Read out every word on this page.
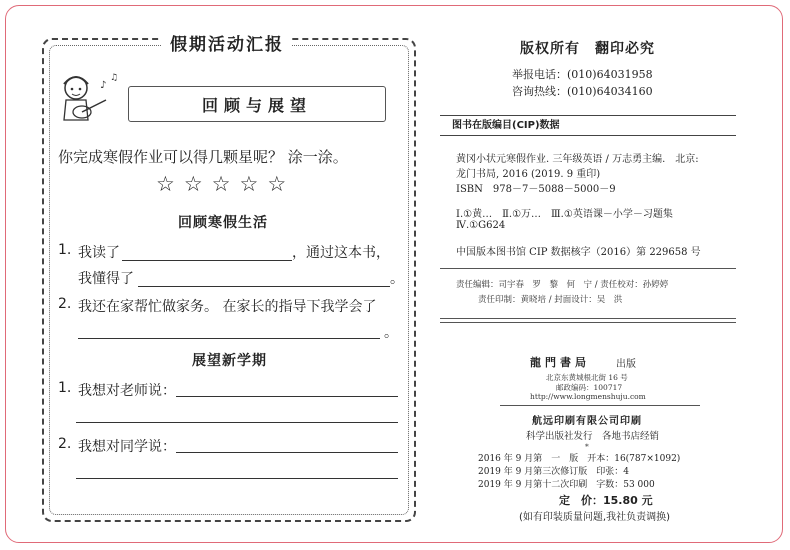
假期活动汇报
♪
♫
回顾与展望
你完成寒假作业可以得几颗星呢？ 涂一涂。
☆ ☆ ☆ ☆ ☆
回顾寒假生活
1. 我读了	，通过这本书，
我懂得了	。
2. 我还在家帮忙做家务。 在家长的指导下我学会了
。
展望新学期
1. 我想对老师说：
2. 我想对同学说：
版权所有　翻印必究
举报电话：(010)64031958
咨询热线：(010)64034160
图书在版编目(CIP)数据
黄冈小状元寒假作业. 三年级英语 / 万志勇主编.　北京:
龙门书局, 2016 (2019. 9 重印)
ISBN　978－7－5088－5000－9
Ⅰ.①黄…　Ⅱ.①万…　Ⅲ.①英语课－小学－习题集
Ⅳ.①G624
中国版本图书馆 CIP 数据核字（2016）第 229658 号
责任编辑：司宇春　罗　黎　何　宁 / 责任校对：孙婷婷
责任印制：黄晓培 / 封面设计：吴　洪
龍門書局	出版
北京东黄城根北街 16 号
邮政编码：100717
http://www.longmenshuju.com
航远印刷有限公司印刷
科学出版社发行　各地书店经销
*
2016 年 9 月第　一　版　开本：16(787×1092)
2019 年 9 月第三次修订版　印张：4
2019 年 9 月第十二次印刷　字数：53 000
定　价：15.80 元
(如有印装质量问题,我社负责调换)
